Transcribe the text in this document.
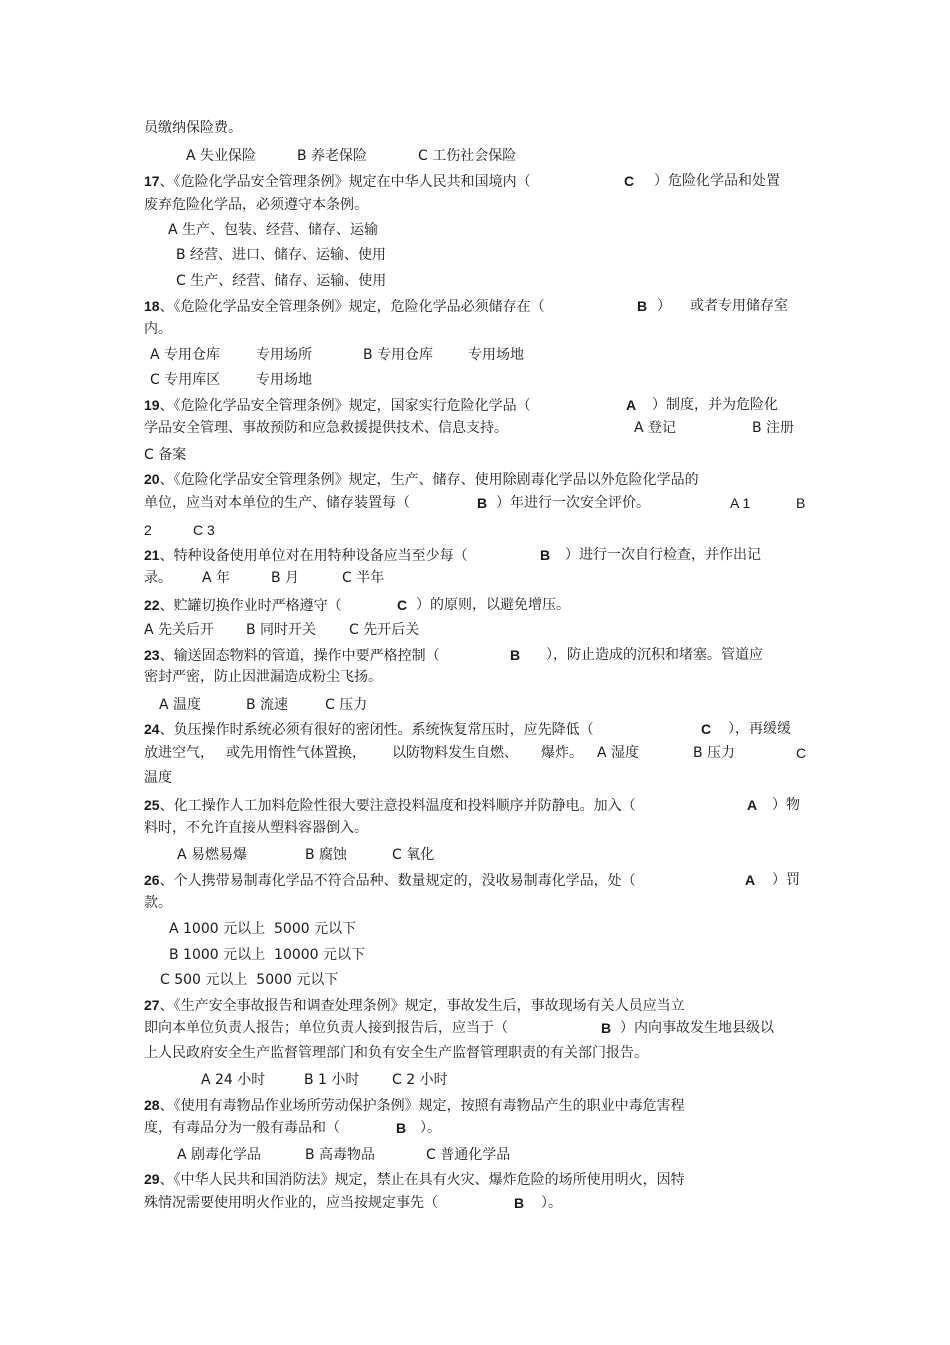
员缴纳保险费。
A 失业保险	B 养老保险	C 工伤社会保险
17、《危险化学品安全管理条例》规定在中华人民共和国境内（	C ）危险化学品和处置
废弃危险化学品，必须遵守本条例。
A 生产、包装、经营、储存、运输
B 经营、进口、储存、运输、使用
C 生产、经营、储存、运输、使用
18、《危险化学品安全管理条例》规定，危险化学品必须储存在（	B ） 或者专用储存室
内。
A 专用仓库	专用场所	B 专用仓库 专用场地
C 专用库区	专用场地
19、《危险化学品安全管理条例》规定，国家实行危险化学品（	A ）制度，并为危险化
学品安全管理、事故预防和应急救援提供技术、信息支持。	A 登记	B 注册
C 备案
20、《危险化学品安全管理条例》规定，生产、储存、使用除剧毒化学品以外危险化学品的
单位，应当对本单位的生产、储存装置每（	B ）年进行一次安全评价。	A 1	B
2	C 3
21、特种设备使用单位对在用特种设备应当至少每（	B ）进行一次自行检查，并作出记
录。 A 年	B 月	C 半年
22、贮罐切换作业时严格遵守（	C ）的原则，以避免增压。
A 先关后开 B 同时开关 C 先开后关
23、输送固态物料的管道，操作中要严格控制（	B ），防止造成的沉积和堵塞。管道应
密封严密，防止因泄漏造成粉尘飞扬。
A 温度	B 流速	C 压力
24、负压操作时系统必须有很好的密闭性。系统恢复常压时，应先降低（	C ），再缓缓
放进空气， 或先用惰性气体置换， 以防物料发生自燃、 爆炸。 A 湿度	B 压力	C
温度
25、化工操作人工加料危险性很大要注意投料温度和投料顺序并防静电。加入（	A ）物
料时，不允许直接从塑料容器倒入。
A 易燃易爆	B 腐蚀	C 氧化
26、个人携带易制毒化学品不符合品种、数量规定的，没收易制毒化学品，处（	A ）罚
款。
A 1000 元以上  5000 元以下
B 1000 元以上  10000 元以下
C 500 元以上  5000 元以下
27、《生产安全事故报告和调查处理条例》规定，事故发生后，事故现场有关人员应当立
即向本单位负责人报告；单位负责人接到报告后，应当于（	B ）内向事故发生地县级以
上人民政府安全生产监督管理部门和负有安全生产监督管理职责的有关部门报告。
A 24 小时	B 1 小时 C 2 小时
28、《使用有毒物品作业场所劳动保护条例》规定，按照有毒物品产生的职业中毒危害程
度，有毒品分为一般有毒品和（	B ）。
A 剧毒化学品	B 高毒物品	C 普通化学品
29、《中华人民共和国消防法》规定，禁止在具有火灾、爆炸危险的场所使用明火，因特
殊情况需要使用明火作业的，应当按规定事先（	B ）。
